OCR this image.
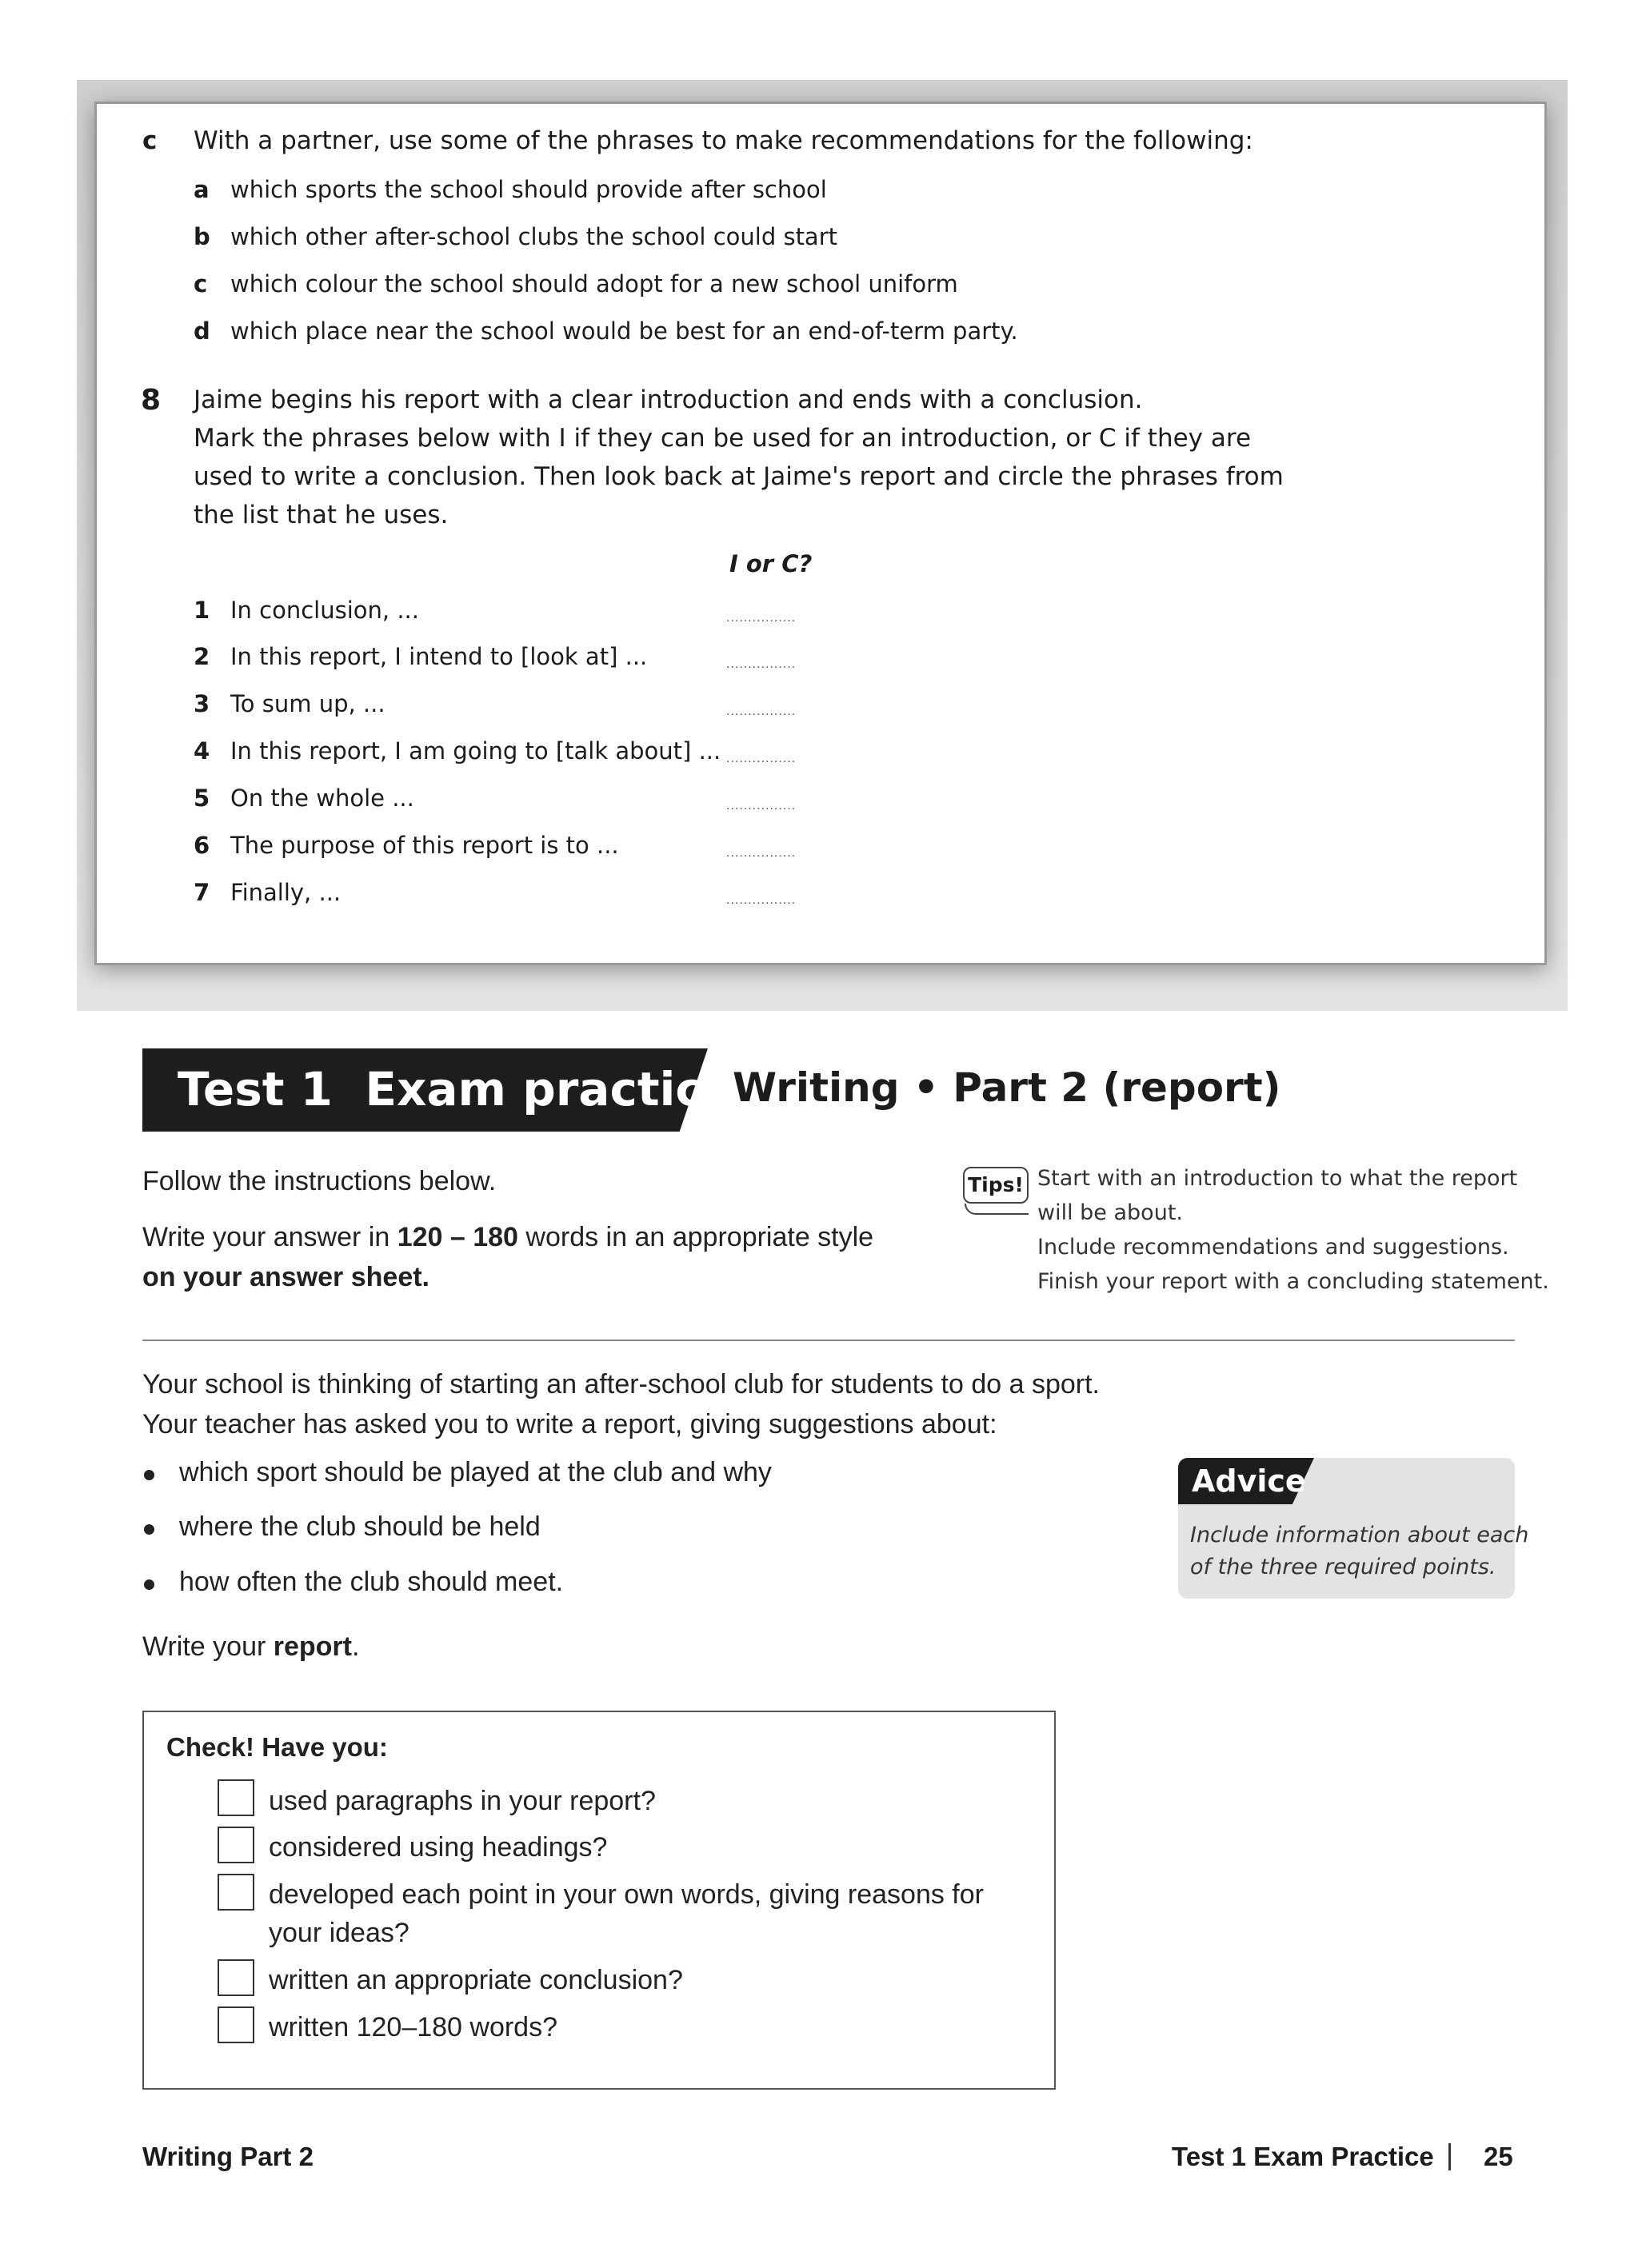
c With a partner, use some of the phrases to make recommendations for the following:
a which sports the school should provide after school
b which other after-school clubs the school could start
c which colour the school should adopt for a new school uniform
d which place near the school would be best for an end-of-term party.
8 Jaime begins his report with a clear introduction and ends with a conclusion.
Mark the phrases below with I if they can be used for an introduction, or C if they are
used to write a conclusion. Then look back at Jaime's report and circle the phrases from
the list that he uses.
I or C?
1 In conclusion, ...	................
2 In this report, I intend to [look at] ...	................
3 To sum up, ...	................
4 In this report, I am going to [talk about] ... ................
5 On the whole ...	................
6 The purpose of this report is to ...	................
7 Finally, ...	................
Test 1 Exam practice
Writing • Part 2 (report)
Follow the instructions below.
Write your answer in 120 – 180 words in an appropriate style
on your answer sheet.
Tips! Start with an introduction to what the report
will be about.
Include recommendations and suggestions.
Finish your report with a concluding statement.
Your school is thinking of starting an after-school club for students to do a sport.
Your teacher has asked you to write a report, giving suggestions about:
which sport should be played at the club and why
where the club should be held
how often the club should meet.
Write your report.
Advice
Include information about each
of the three required points.
Check! Have you:
used paragraphs in your report?
considered using headings?
developed each point in your own words, giving reasons for
your ideas?
written an appropriate conclusion?
written 120–180 words?
Writing Part 2	Test 1 Exam Practice 25
